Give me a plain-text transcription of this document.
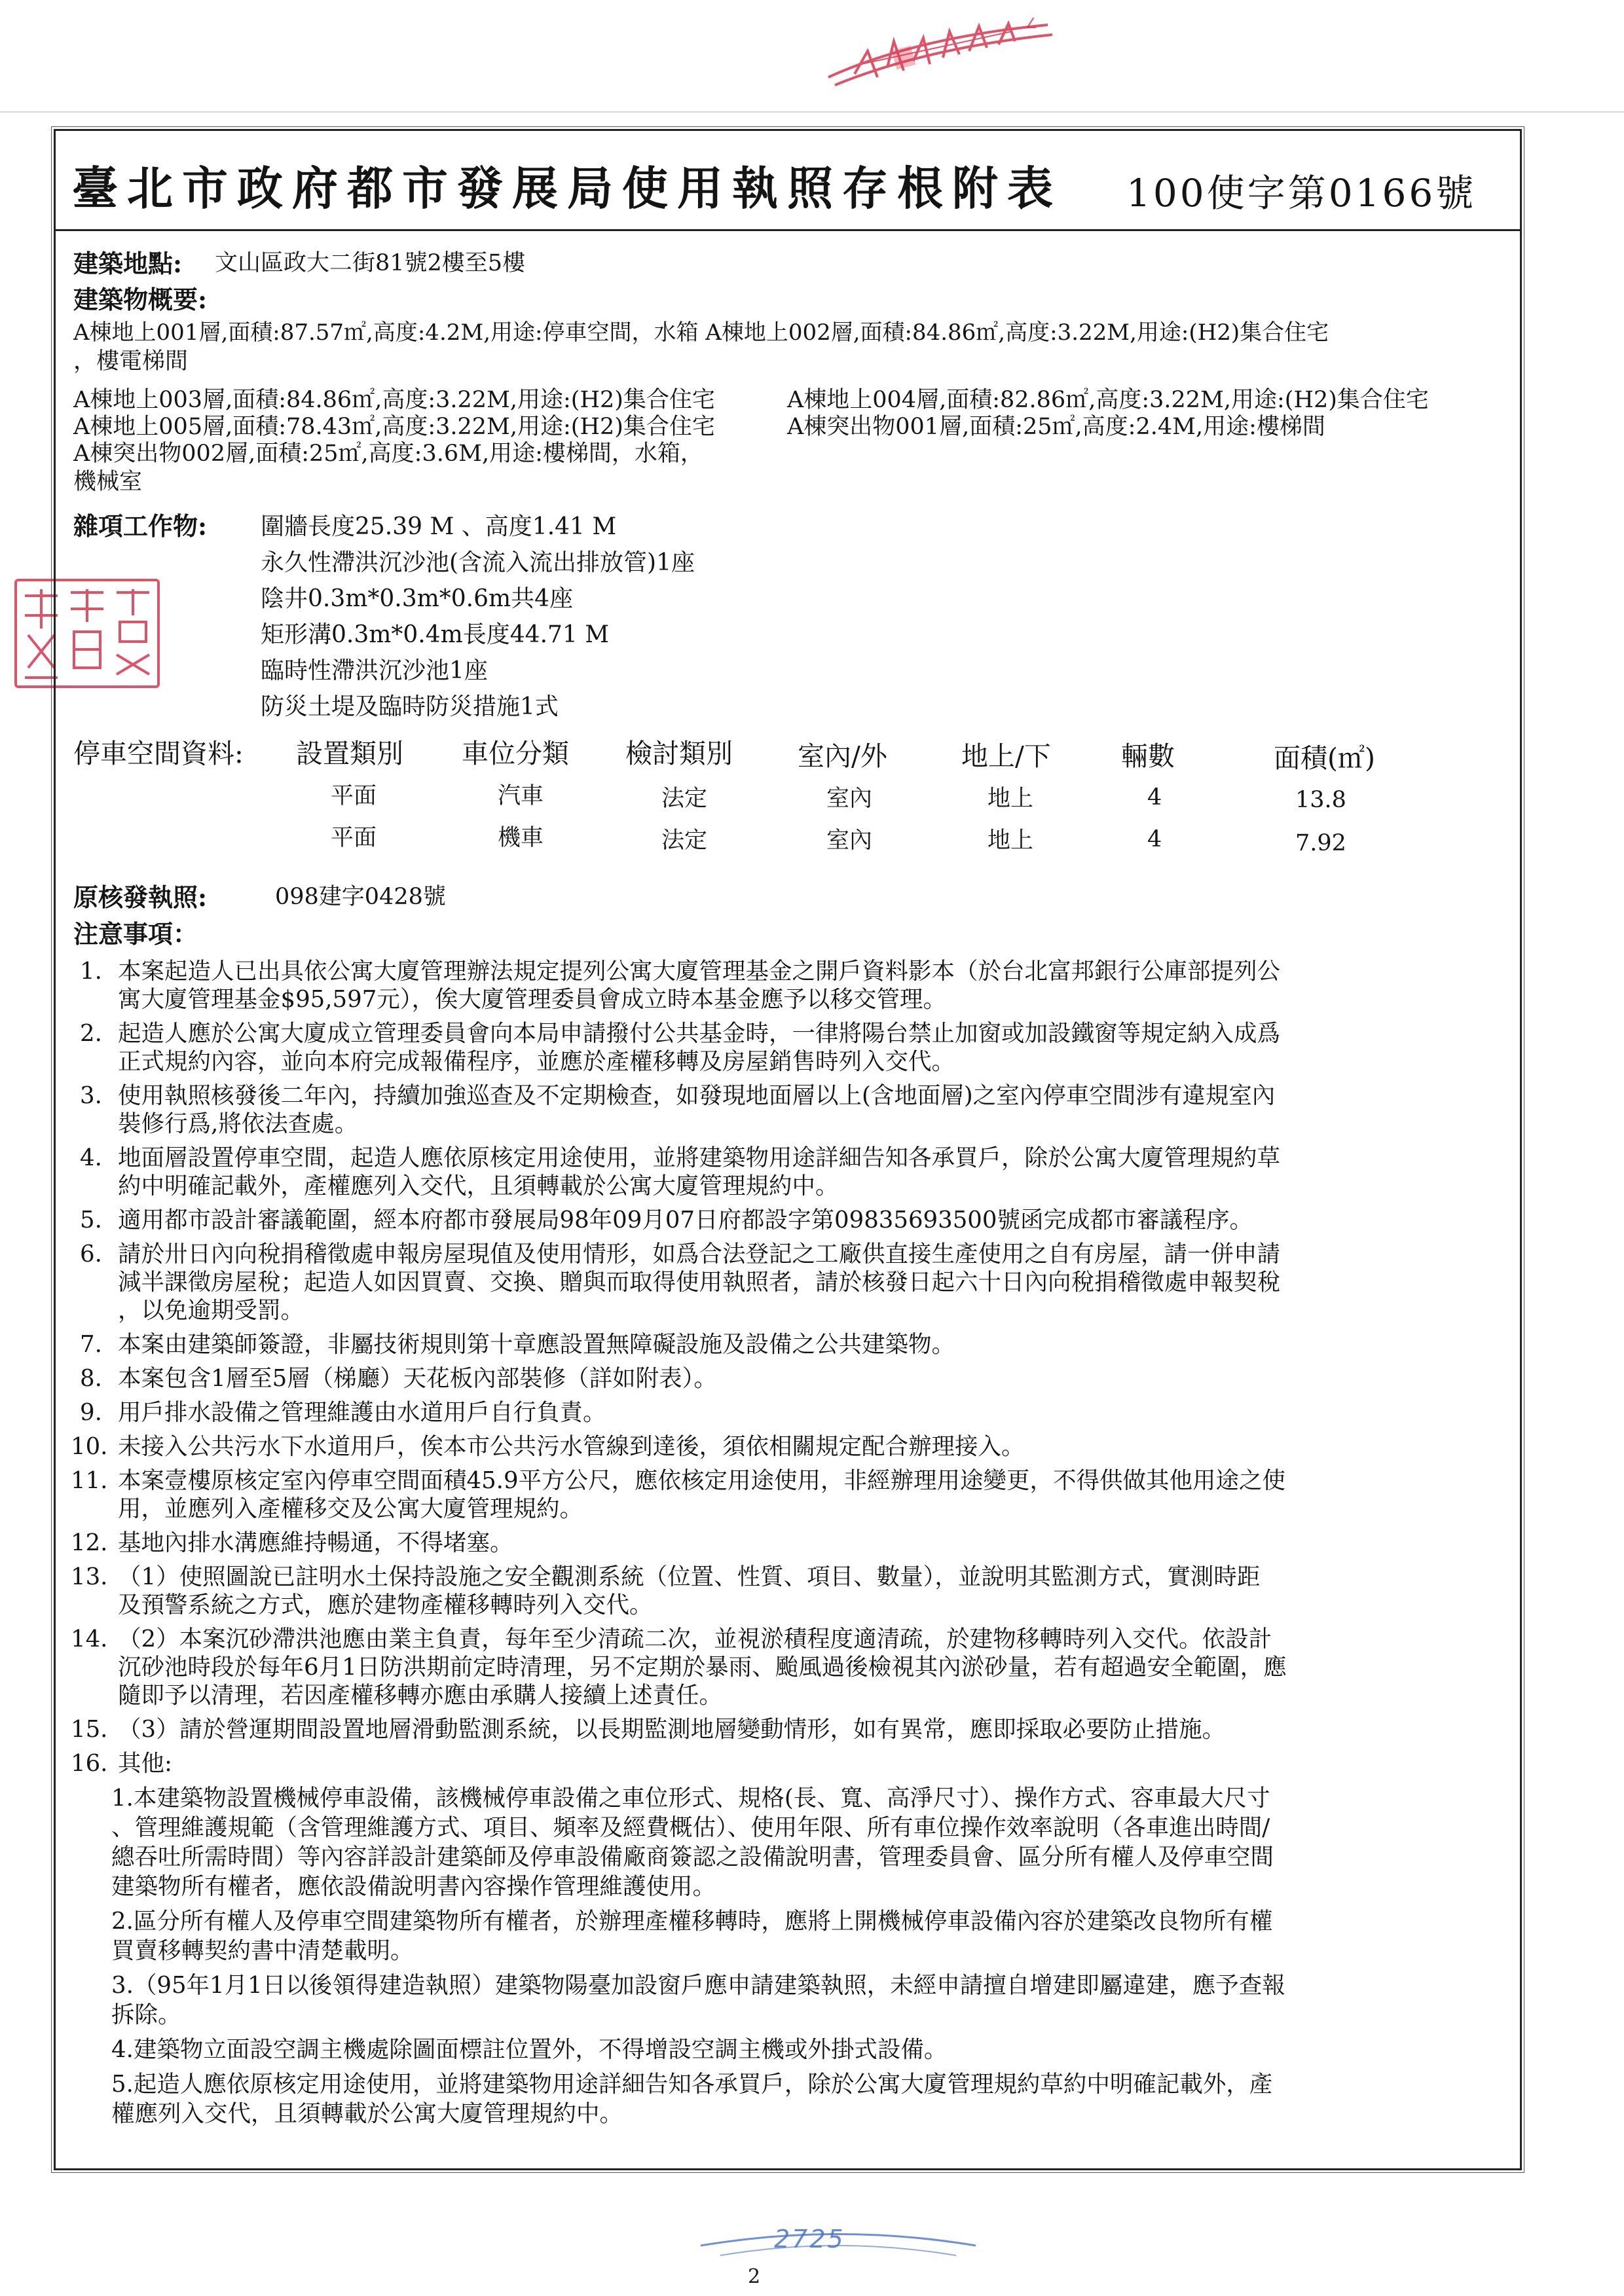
∠
臺北市政府都市發展局使用執照存根附表 100使字第0166號
建築地點: 文山區政大二街81號2樓至5樓
建築物概要:
A棟地上001層,面積:87.57㎡,高度:4.2M,用途:停車空間，水箱 A棟地上002層,面積:84.86㎡,高度:3.22M,用途:(H2)集合住宅
，樓電梯間
A棟地上003層,面積:84.86㎡,高度:3.22M,用途:(H2)集合住宅	A棟地上004層,面積:82.86㎡,高度:3.22M,用途:(H2)集合住宅
A棟地上005層,面積:78.43㎡,高度:3.22M,用途:(H2)集合住宅	A棟突出物001層,面積:25㎡,高度:2.4M,用途:樓梯間
A棟突出物002層,面積:25㎡,高度:3.6M,用途:樓梯間，水箱，
機械室
雜項工作物: 圍牆長度25.39 M 、高度1.41 M
永久性滯洪沉沙池(含流入流出排放管)1座
陰井0.3m*0.3m*0.6m共4座
矩形溝0.3m*0.4m長度44.71 M
臨時性滯洪沉沙池1座
防災土堤及臨時防災措施1式
停車空間資料: 設置類別 車位分類 檢討類別 室內/外	地上/下	輛數	面積(㎡)
平面	汽車	法定	室內	地上	4	13.8
平面	機車	法定	室內	地上	4	7.92
原核發執照:	098建字0428號
注意事項：
1. 本案起造人已出具依公寓大廈管理辦法規定提列公寓大廈管理基金之開戶資料影本（於台北富邦銀行公庫部提列公
寓大廈管理基金$95,597元），俟大廈管理委員會成立時本基金應予以移交管理。
2. 起造人應於公寓大廈成立管理委員會向本局申請撥付公共基金時，一律將陽台禁止加窗或加設鐵窗等規定納入成爲
正式規約內容，並向本府完成報備程序，並應於產權移轉及房屋銷售時列入交代。
3. 使用執照核發後二年內，持續加強巡查及不定期檢查，如發現地面層以上(含地面層)之室內停車空間涉有違規室內
裝修行爲,將依法查處。
4. 地面層設置停車空間，起造人應依原核定用途使用，並將建築物用途詳細告知各承買戶，除於公寓大廈管理規約草
約中明確記載外，產權應列入交代，且須轉載於公寓大廈管理規約中。
5. 適用都市設計審議範圍，經本府都市發展局98年09月07日府都設字第09835693500號函完成都市審議程序。
6. 請於卅日內向稅捐稽徵處申報房屋現值及使用情形，如爲合法登記之工廠供直接生產使用之自有房屋，請一併申請
減半課徵房屋稅；起造人如因買賣、交換、贈與而取得使用執照者，請於核發日起六十日內向稅捐稽徵處申報契稅
，以免逾期受罰。
7. 本案由建築師簽證，非屬技術規則第十章應設置無障礙設施及設備之公共建築物。
8. 本案包含1層至5層（梯廳）天花板內部裝修（詳如附表）。
9. 用戶排水設備之管理維護由水道用戶自行負責。
10. 未接入公共污水下水道用戶，俟本市公共污水管線到達後，須依相關規定配合辦理接入。
11. 本案壹樓原核定室內停車空間面積45.9平方公尺，應依核定用途使用，非經辦理用途變更，不得供做其他用途之使
用，並應列入產權移交及公寓大廈管理規約。
12. 基地內排水溝應維持暢通，不得堵塞。
13. （1）使照圖說已註明水土保持設施之安全觀測系統（位置、性質、項目、數量），並說明其監測方式，實測時距
及預警系統之方式，應於建物產權移轉時列入交代。
14. （2）本案沉砂滯洪池應由業主負責，每年至少清疏二次，並視淤積程度適清疏，於建物移轉時列入交代。依設計
沉砂池時段於每年6月1日防洪期前定時清理，另不定期於暴雨、颱風過後檢視其內淤砂量，若有超過安全範圍，應
隨即予以清理，若因產權移轉亦應由承購人接續上述責任。
15. （3）請於營運期間設置地層滑動監測系統，以長期監測地層變動情形，如有異常，應即採取必要防止措施。
16. 其他:
1.本建築物設置機械停車設備，該機械停車設備之車位形式、規格(長、寬、高淨尺寸）、操作方式、容車最大尺寸
、管理維護規範（含管理維護方式、項目、頻率及經費概估）、使用年限、所有車位操作效率說明（各車進出時間/
總吞吐所需時間）等內容詳設計建築師及停車設備廠商簽認之設備說明書，管理委員會、區分所有權人及停車空間
建築物所有權者，應依設備說明書內容操作管理維護使用。
2.區分所有權人及停車空間建築物所有權者，於辦理產權移轉時，應將上開機械停車設備內容於建築改良物所有權
買賣移轉契約書中清楚載明。
3.（95年1月1日以後領得建造執照）建築物陽臺加設窗戶應申請建築執照，未經申請擅自增建即屬違建，應予查報
拆除。
4.建築物立面設空調主機處除圖面標註位置外，不得增設空調主機或外掛式設備。
5.起造人應依原核定用途使用，並將建築物用途詳細告知各承買戶，除於公寓大廈管理規約草約中明確記載外，產
權應列入交代，且須轉載於公寓大廈管理規約中。
2725
2
